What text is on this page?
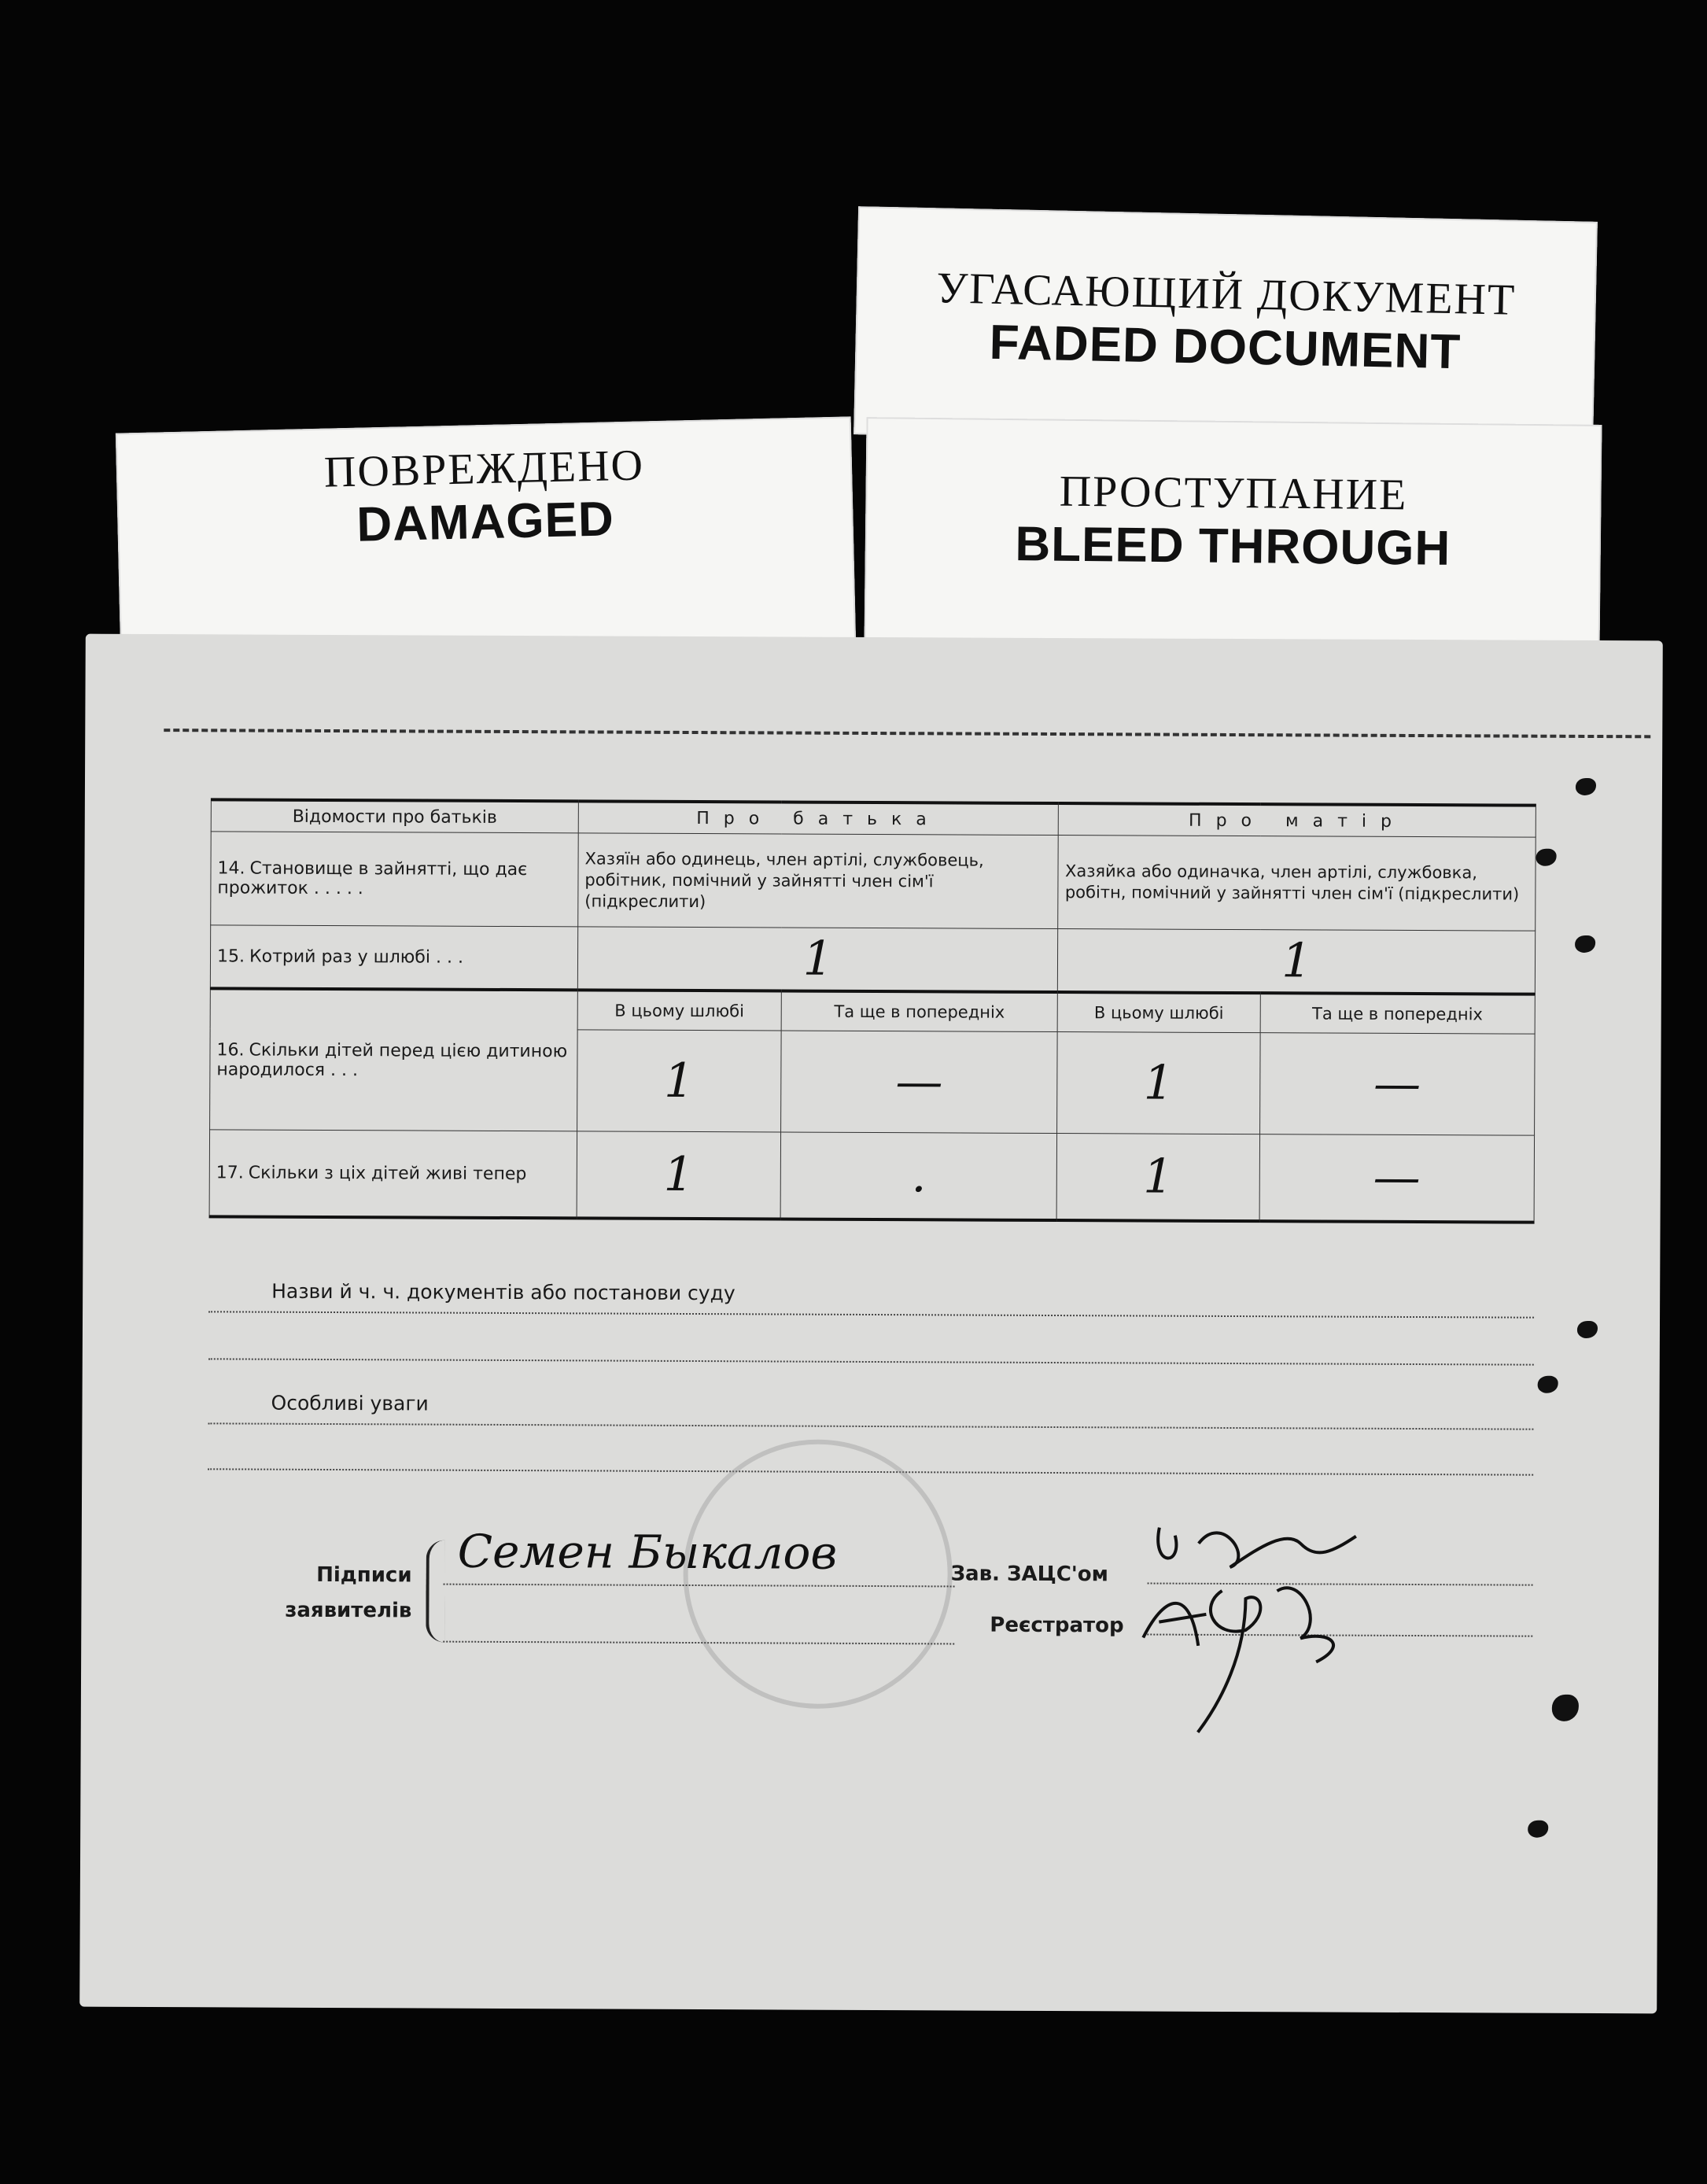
УГАСАЮЩИЙ ДОКУМЕНТ
FADED DOCUMENT
ПОВРЕЖДЕНО
DAMAGED	ПРОСТУПАНИЕ
BLEED THROUGH
Відомости про батьків	Про батька		Про матір	
14. Становище в зайнятті, що дає прожиток . . . . .	Хазяїн або одинець, член артілі, службовець, робітник, помічний у зайнятті член сім'ї (підкреслити)		Хазяйка або одиначка, член артілі, службовка, робітн, помічний у зайнятті член сім'ї (підкреслити)	
15. Котрий раз у шлюбі . . .	1		1	
16. Скільки дітей перед цією дитиною народилося . . .	В цьому шлюбі	Та ще в попередніх	В цьому шлюбі	Та ще в попередніх
	1	—	1	—
17. Скільки з ціх дітей живі тепер	1	.	1	—
Назви й ч. ч. документів або постанови суду
Особливі уваги
Підписи
заявителів
Семен Быкалов	Зав. ЗАЦС'ом
Реєстратор
